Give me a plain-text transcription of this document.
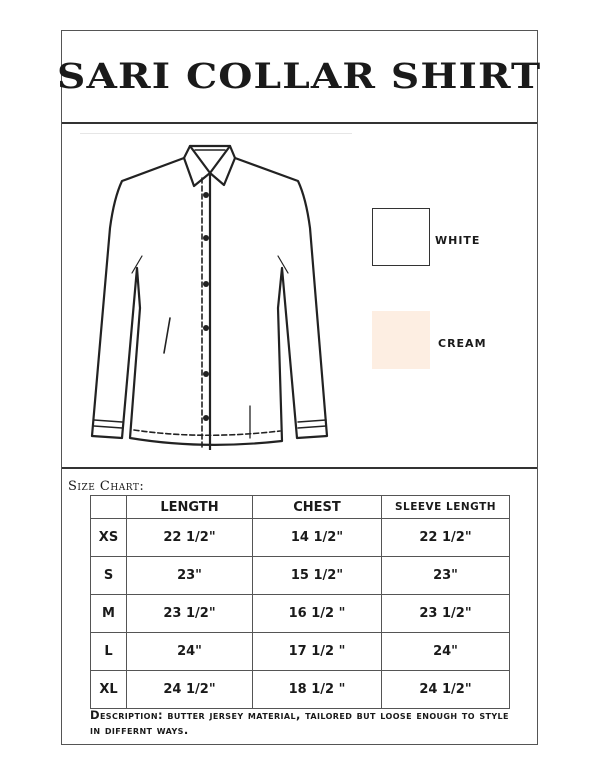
SARI COLLAR SHIRT
WHITE
CREAM
Size Chart:
	LENGTH	CHEST	SLEEVE LENGTH
XS	22 1/2"	14 1/2"	22 1/2"
S	23"	15 1/2"	23"
M	23 1/2"	16 1/2 "	23 1/2"
L	24"	17 1/2 "	24"
XL	24 1/2"	18 1/2 "	24 1/2"
Description: butter jersey material, tailored but loose enough to style in differnt ways.
